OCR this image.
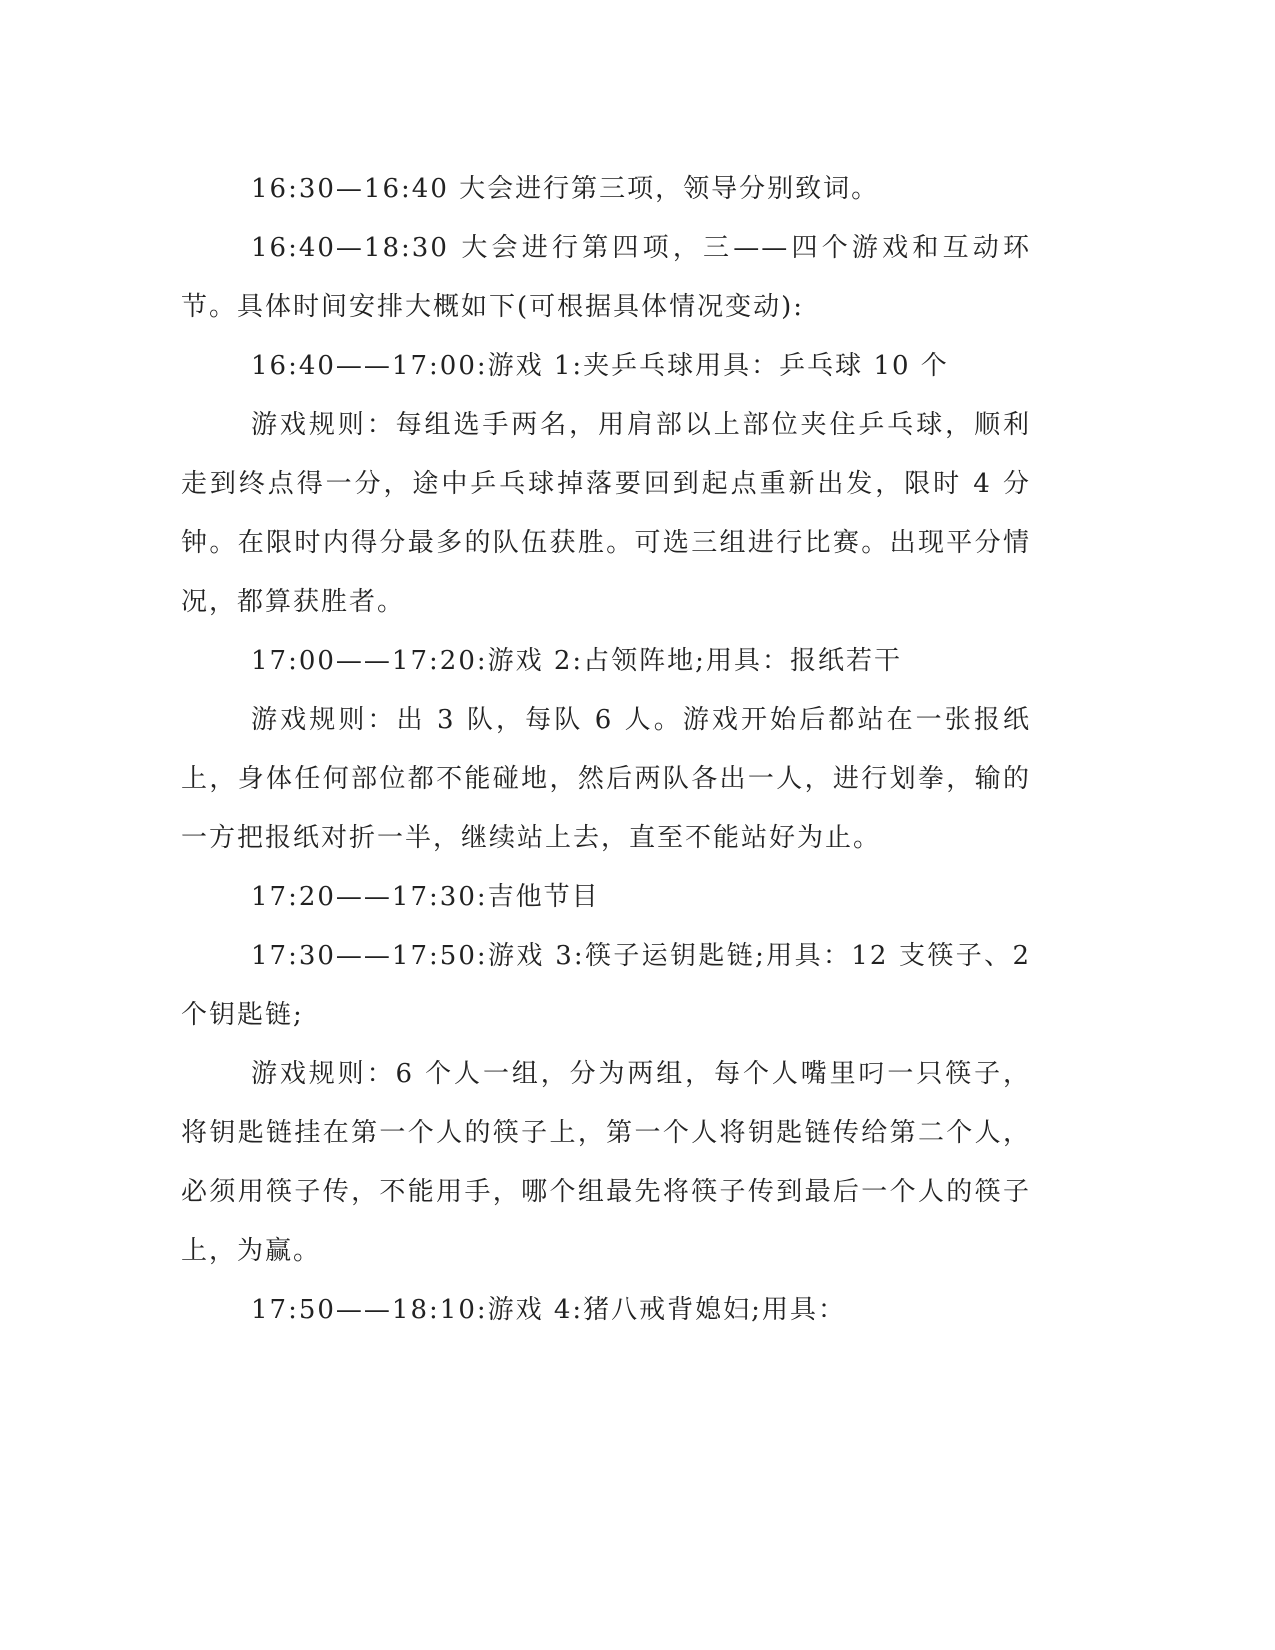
16:30—16:40 大会进行第三项，领导分别致词。

16:40—18:30 大会进行第四项，三——四个游戏和互动环节。具体时间安排大概如下(可根据具体情况变动):

16:40——17:00:游戏 1:夹乒乓球用具：乒乓球 10 个

游戏规则：每组选手两名，用肩部以上部位夹住乒乓球，顺利走到终点得一分，途中乒乓球掉落要回到起点重新出发，限时 4 分钟。在限时内得分最多的队伍获胜。可选三组进行比赛。出现平分情况，都算获胜者。

17:00——17:20:游戏 2:占领阵地;用具：报纸若干

游戏规则：出 3 队，每队 6 人。游戏开始后都站在一张报纸上，身体任何部位都不能碰地，然后两队各出一人，进行划拳，输的一方把报纸对折一半，继续站上去，直至不能站好为止。

17:20——17:30:吉他节目

17:30——17:50:游戏 3:筷子运钥匙链;用具：12 支筷子、2 个钥匙链;

游戏规则：6 个人一组，分为两组，每个人嘴里叼一只筷子，将钥匙链挂在第一个人的筷子上，第一个人将钥匙链传给第二个人，必须用筷子传，不能用手，哪个组最先将筷子传到最后一个人的筷子上，为赢。

17:50——18:10:游戏 4:猪八戒背媳妇;用具：
